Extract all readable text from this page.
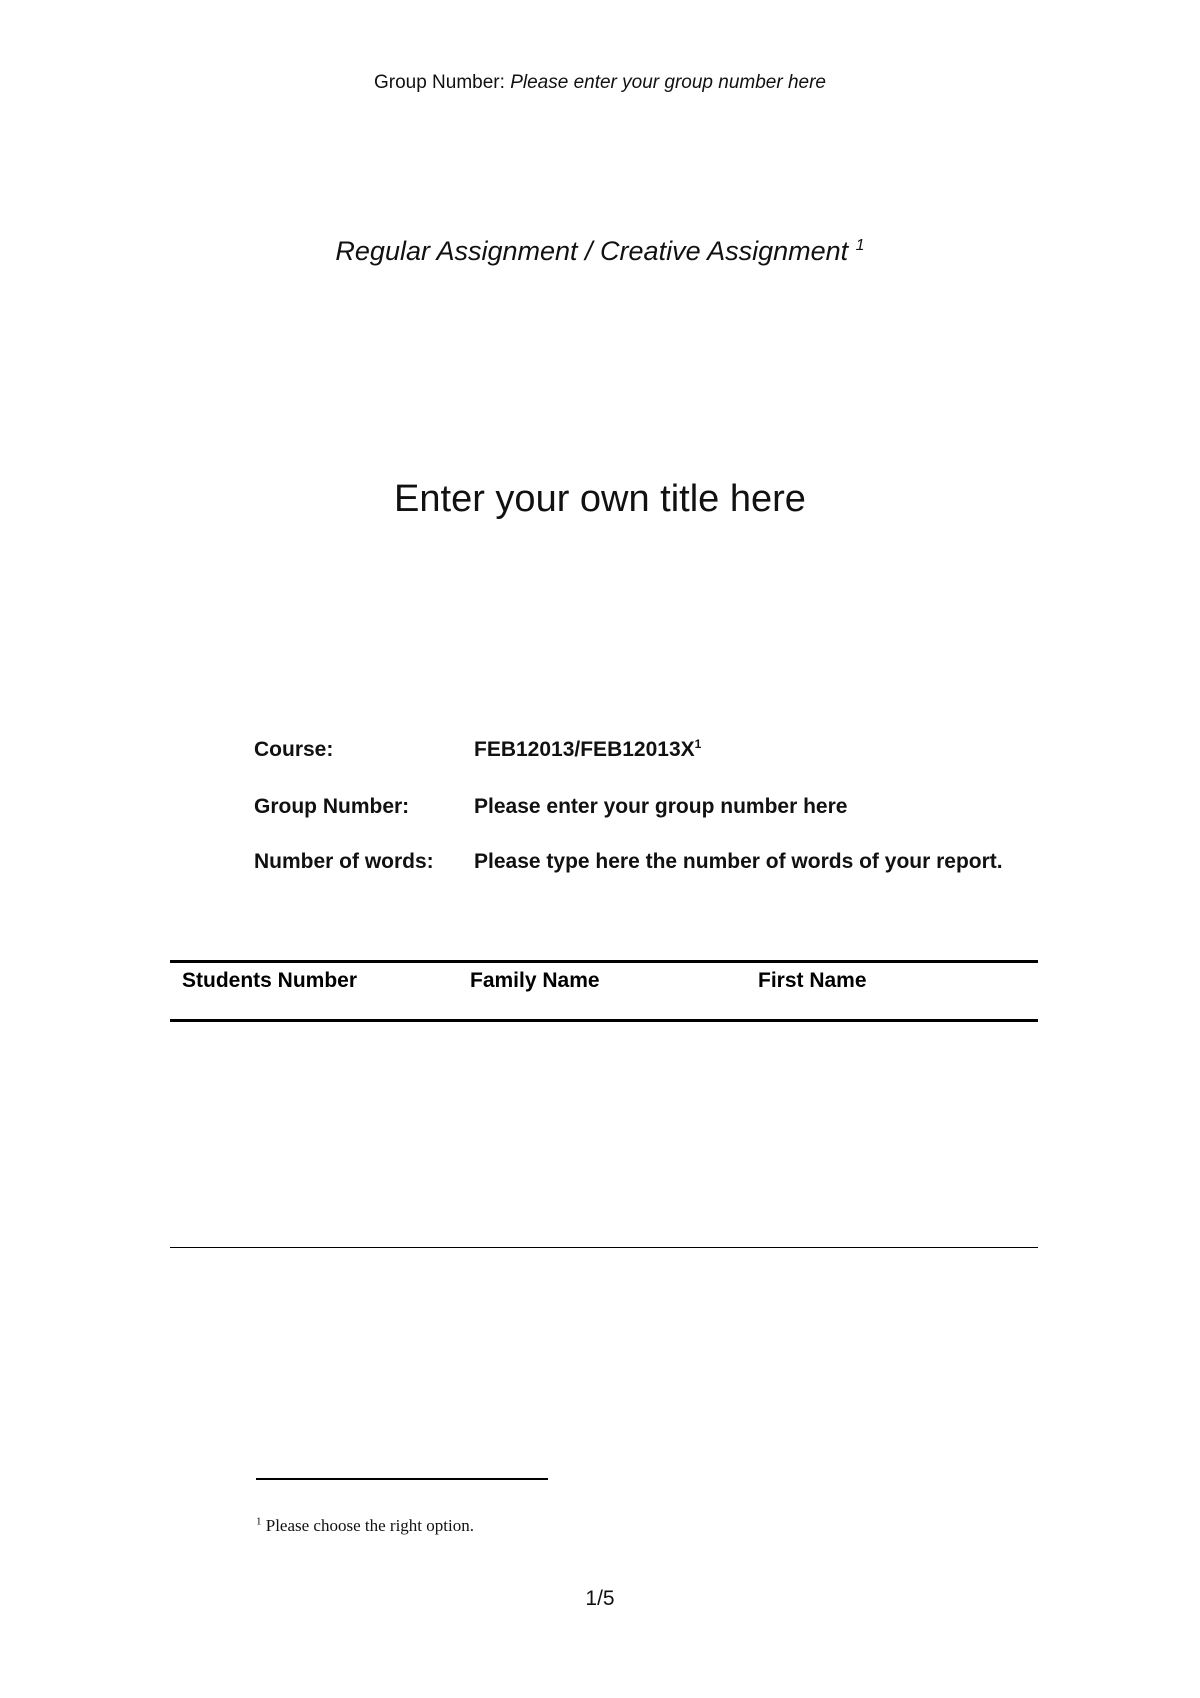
Group Number: Please enter your group number here
Regular Assignment / Creative Assignment $^1$
Enter your own title here
Course:	$FEB12013/FEB12013X^1$
Group Number:	Please enter your group number here
Number of words: Please type here the number of words of your report.
Students Number	Family Name	First Name
$^1$ Please choose the right option.
1/5
